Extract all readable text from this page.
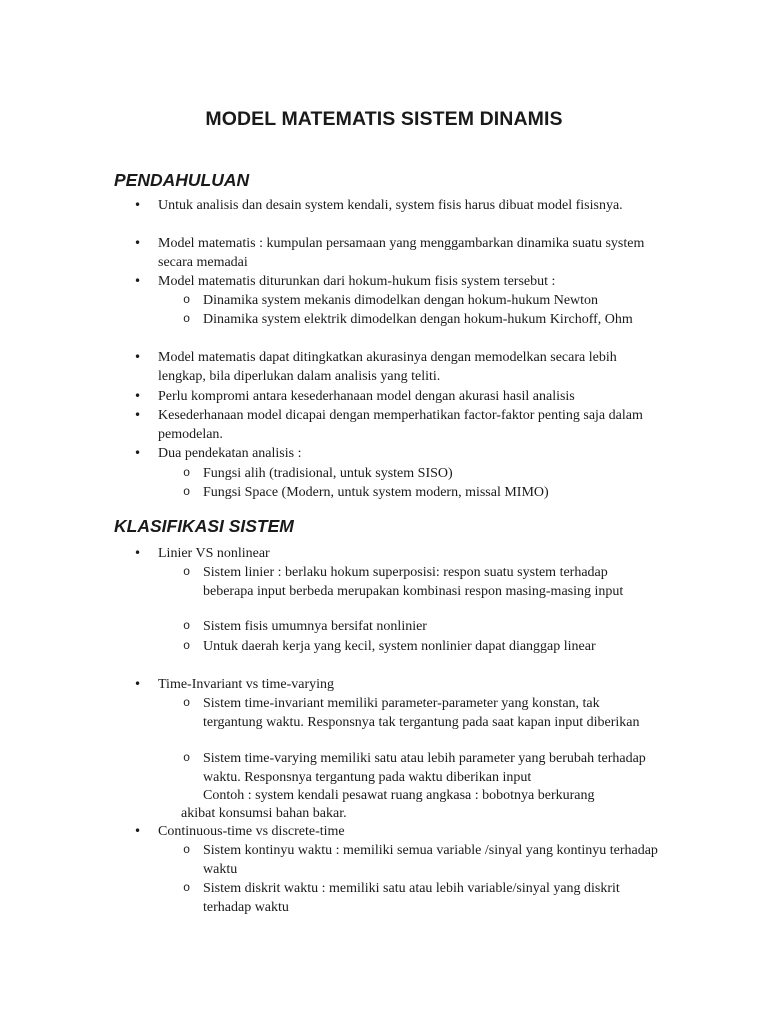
MODEL MATEMATIS SISTEM DINAMIS
PENDAHULUAN
• Untuk analisis dan desain system kendali, system fisis harus dibuat model fisisnya.
• Model matematis : kumpulan persamaan yang menggambarkan dinamika suatu system secara memadai
• Model matematis diturunkan dari hokum-hukum fisis system tersebut :
o Dinamika system mekanis dimodelkan dengan hokum-hukum Newton
o Dinamika system elektrik dimodelkan dengan hokum-hukum Kirchoff, Ohm
• Model matematis dapat ditingkatkan akurasinya dengan memodelkan secara lebih lengkap, bila diperlukan dalam analisis yang teliti.
• Perlu kompromi antara kesederhanaan model dengan akurasi hasil analisis
• Kesederhanaan model dicapai dengan memperhatikan factor-faktor penting saja dalam pemodelan.
• Dua pendekatan analisis :
o Fungsi alih (tradisional, untuk system SISO)
o Fungsi Space (Modern, untuk system modern, missal MIMO)
KLASIFIKASI SISTEM
• Linier VS nonlinear
o Sistem linier : berlaku hokum superposisi: respon suatu system terhadap beberapa input berbeda merupakan kombinasi respon masing-masing input
o Sistem fisis umumnya bersifat nonlinier
o Untuk daerah kerja yang kecil, system nonlinier dapat dianggap linear
• Time-Invariant vs time-varying
o Sistem time-invariant memiliki parameter-parameter yang konstan, tak tergantung waktu. Responsnya tak tergantung pada saat kapan input diberikan
o Sistem time-varying memiliki satu atau lebih parameter yang berubah terhadap waktu. Responsnya tergantung pada waktu diberikan input
Contoh : system kendali pesawat ruang angkasa : bobotnya berkurang
akibat konsumsi bahan bakar.
• Continuous-time vs discrete-time
o Sistem kontinyu waktu : memiliki semua variable /sinyal yang kontinyu terhadap waktu
o Sistem diskrit waktu : memiliki satu atau lebih variable/sinyal yang diskrit terhadap waktu
